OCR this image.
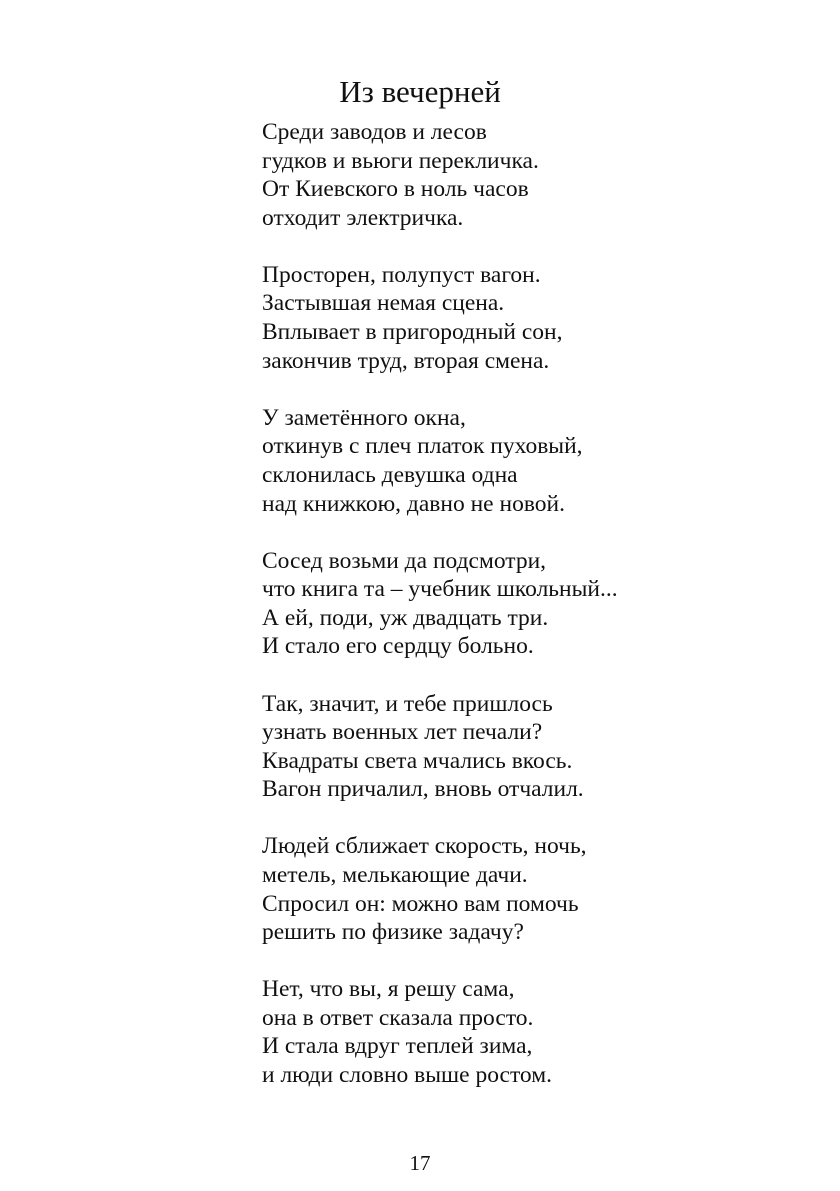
Из вечерней
Среди заводов и лесов
гудков и вьюги перекличка.
От Киевского в ноль часов
отходит электричка.
Просторен, полупуст вагон.
Застывшая немая сцена.
Вплывает в пригородный сон,
закончив труд, вторая смена.
У заметённого окна,
откинув с плеч платок пуховый,
склонилась девушка одна
над книжкою, давно не новой.
Сосед возьми да подсмотри,
что книга та – учебник школьный...
А ей, поди, уж двадцать три.
И стало его сердцу больно.
Так, значит, и тебе пришлось
узнать военных лет печали?
Квадраты света мчались вкось.
Вагон причалил, вновь отчалил.
Людей сближает скорость, ночь,
метель, мелькающие дачи.
Спросил он: можно вам помочь
решить по физике задачу?
Нет, что вы, я решу сама,
она в ответ сказала просто.
И стала вдруг теплей зима,
и люди словно выше ростом.
17
